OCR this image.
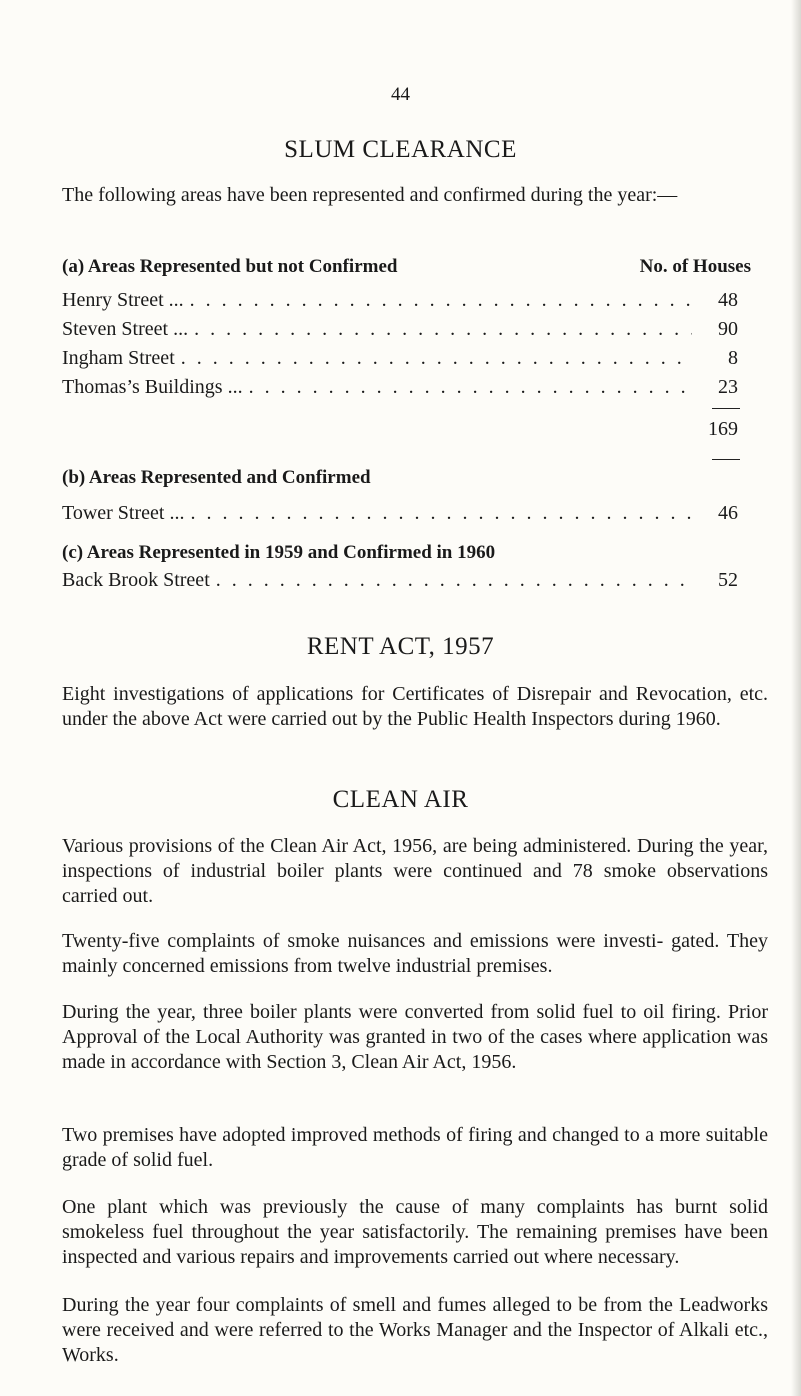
44
SLUM CLEARANCE
The following areas have been represented and confirmed during the year:—
(a) Areas Represented but not Confirmed	No. of Houses
Henry Street ... . . .	48
Steven Street ... . . .	90
Ingham Street . . .	8
Thomas’s Buildings ... . . .	23
169
(b) Areas Represented and Confirmed
Tower Street ... . . .	46
(c) Areas Represented in 1959 and Confirmed in 1960
Back Brook Street . . .	52
RENT ACT, 1957
Eight investigations of applications for Certificates of Disrepair and Revocation, etc. under the above Act were carried out by the Public Health Inspectors during 1960.
CLEAN AIR
Various provisions of the Clean Air Act, 1956, are being administered. During the year, inspections of industrial boiler plants were continued and 78 smoke observations carried out.
Twenty-five complaints of smoke nuisances and emissions were investi- gated. They mainly concerned emissions from twelve industrial premises.
During the year, three boiler plants were converted from solid fuel to oil firing. Prior Approval of the Local Authority was granted in two of the cases where application was made in accordance with Section 3, Clean Air Act, 1956.
Two premises have adopted improved methods of firing and changed to a more suitable grade of solid fuel.
One plant which was previously the cause of many complaints has burnt solid smokeless fuel throughout the year satisfactorily. The remaining premises have been inspected and various repairs and improvements carried out where necessary.
During the year four complaints of smell and fumes alleged to be from the Leadworks were received and were referred to the Works Manager and the Inspector of Alkali etc., Works.
